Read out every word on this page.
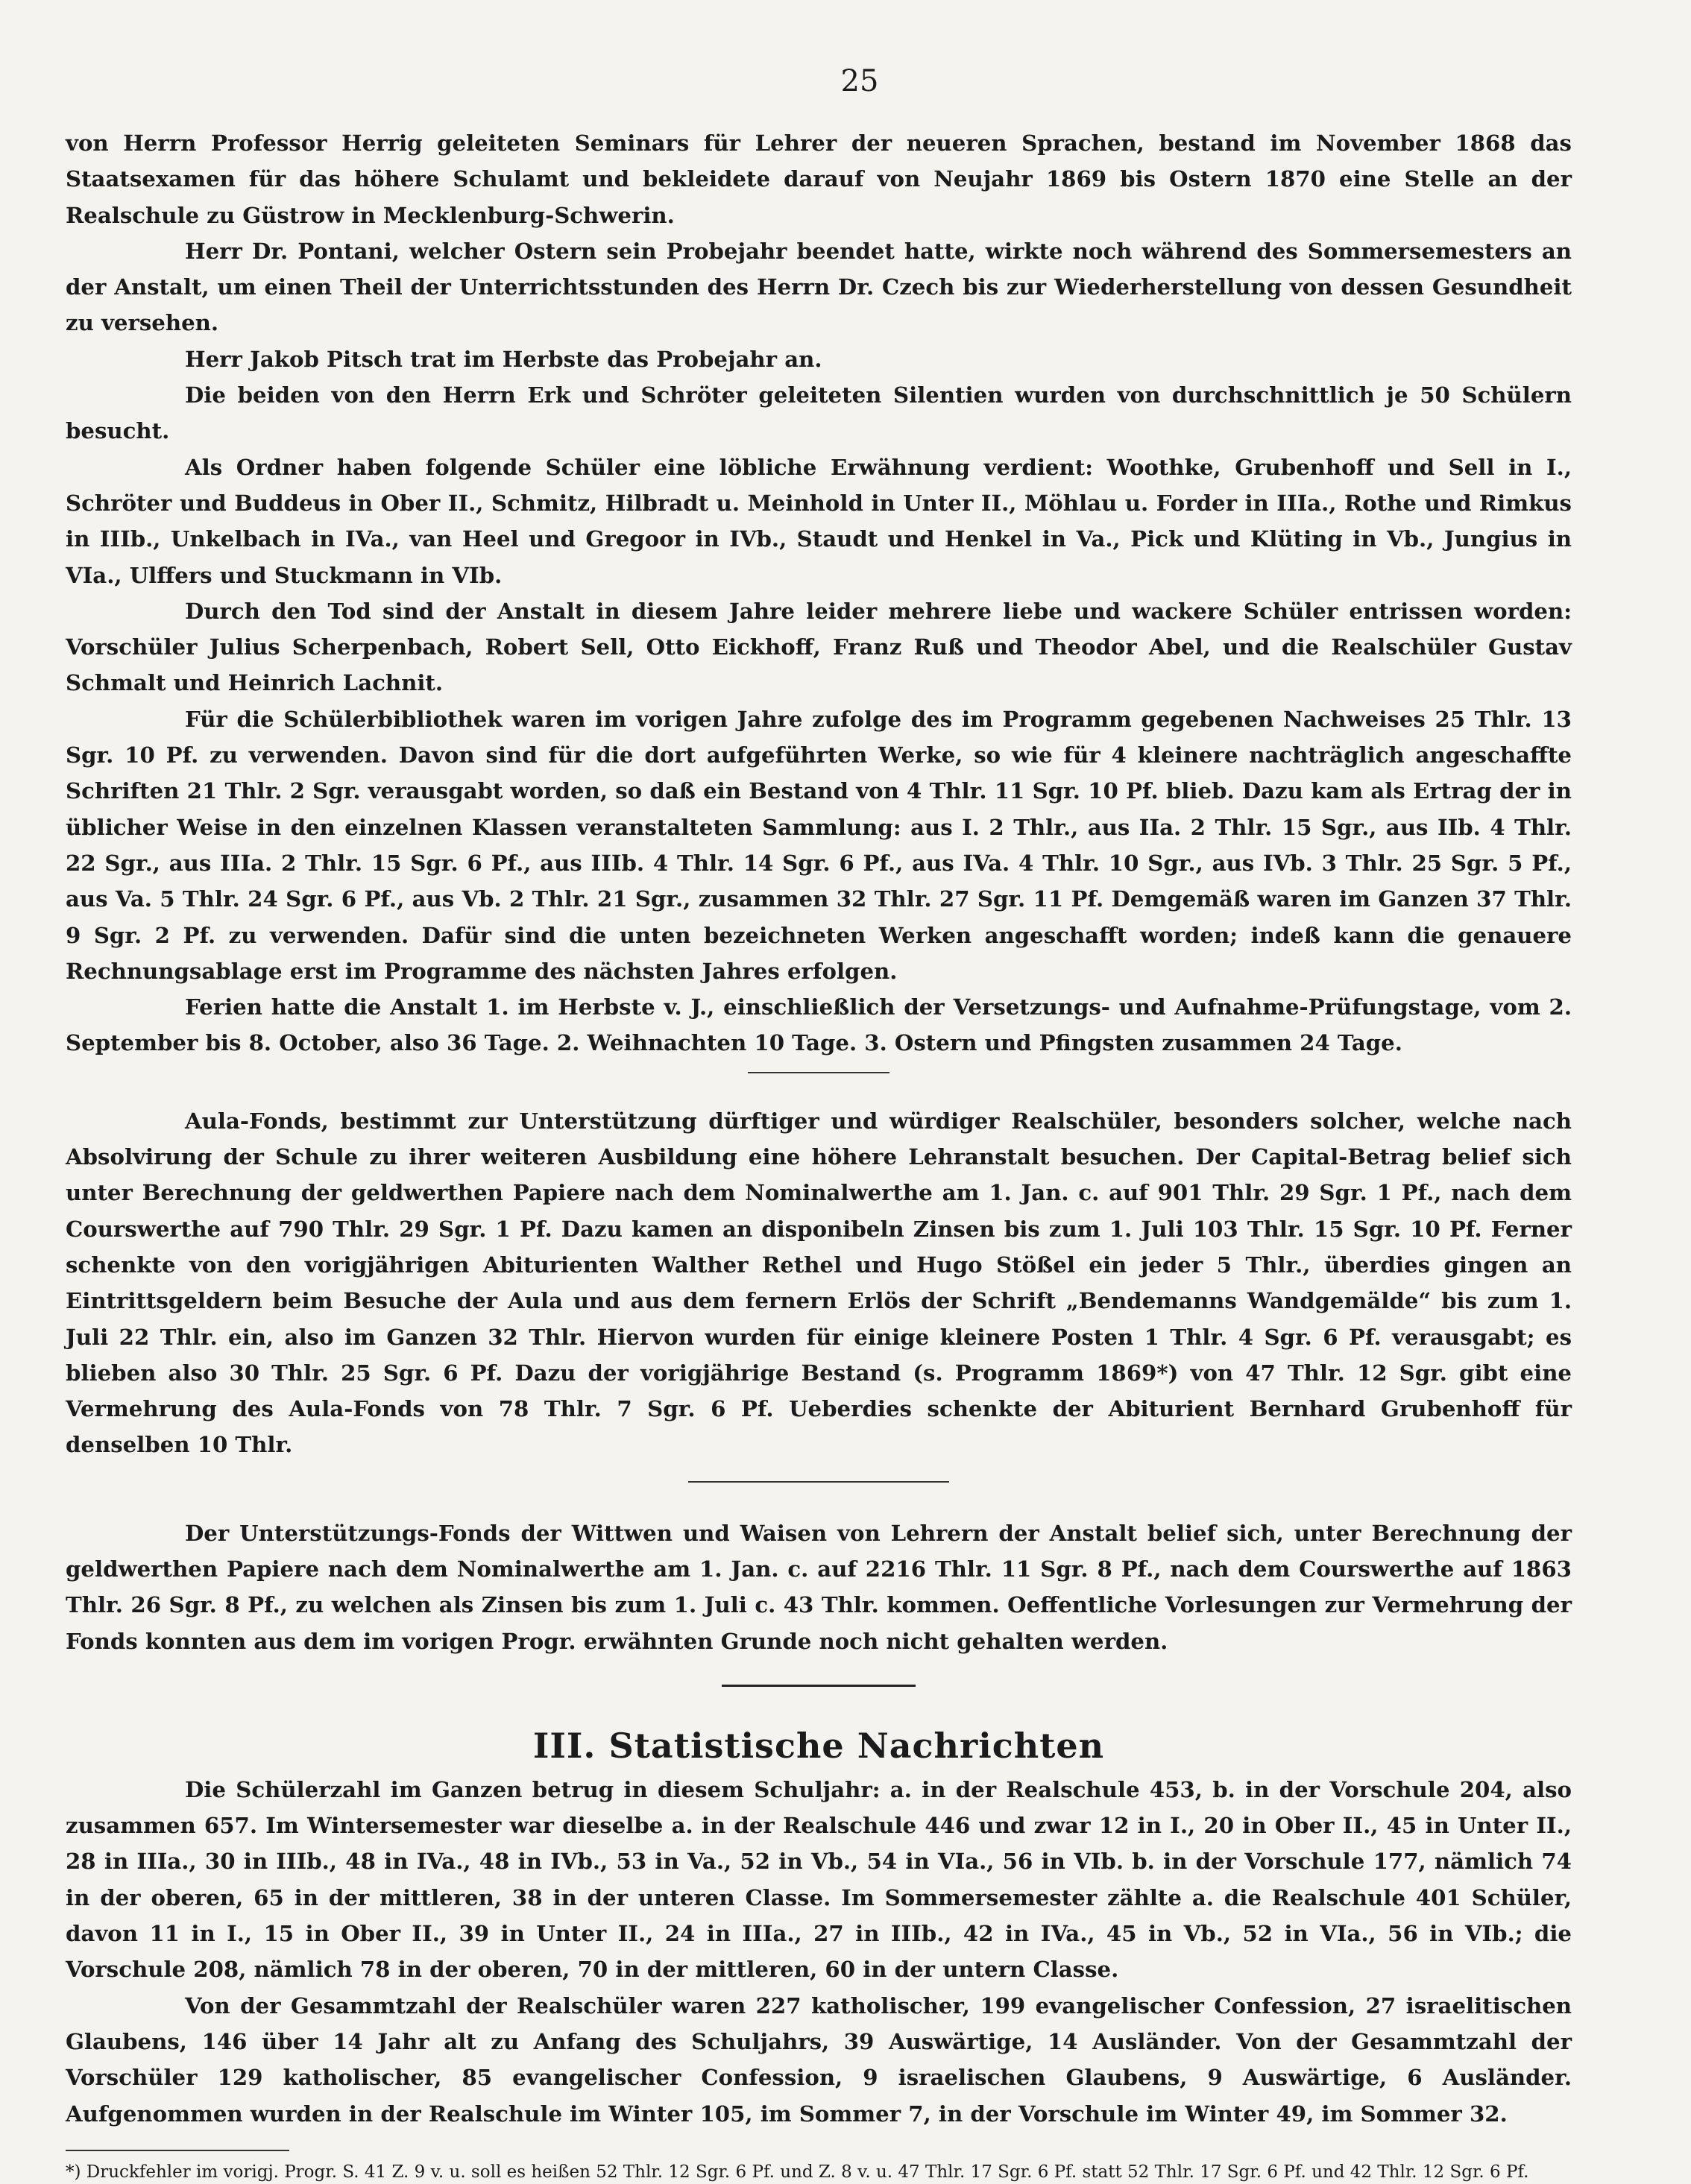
25

von Herrn Professor Herrig geleiteten Seminars für Lehrer der neueren Sprachen, bestand im November 1868 das Staatsexamen für das höhere Schulamt und bekleidete darauf von Neujahr 1869 bis Ostern 1870 eine Stelle an der Realschule zu Güstrow in Mecklenburg-Schwerin.

Herr Dr. Pontani, welcher Ostern sein Probejahr beendet hatte, wirkte noch während des Sommersemesters an der Anstalt, um einen Theil der Unterrichtsstunden des Herrn Dr. Czech bis zur Wiederherstellung von dessen Gesundheit zu versehen.

Herr Jakob Pitsch trat im Herbste das Probejahr an.

Die beiden von den Herrn Erk und Schröter geleiteten Silentien wurden von durchschnittlich je 50 Schülern besucht.

Als Ordner haben folgende Schüler eine löbliche Erwähnung verdient: Woothke, Grubenhoff und Sell in I., Schröter und Buddeus in Ober II., Schmitz, Hilbradt u. Meinhold in Unter II., Möhlau u. Forder in IIIa., Rothe und Rimkus in IIIb., Unkelbach in IVa., van Heel und Gregoor in IVb., Staudt und Henkel in Va., Pick und Klüting in Vb., Jungius in VIa., Ulffers und Stuckmann in VIb.

Durch den Tod sind der Anstalt in diesem Jahre leider mehrere liebe und wackere Schüler entrissen worden: Vorschüler Julius Scherpenbach, Robert Sell, Otto Eickhoff, Franz Ruß und Theodor Abel, und die Realschüler Gustav Schmalt und Heinrich Lachnit.

Für die Schülerbibliothek waren im vorigen Jahre zufolge des im Programm gegebenen Nachweises 25 Thlr. 13 Sgr. 10 Pf. zu verwenden. Davon sind für die dort aufgeführten Werke, so wie für 4 kleinere nachträglich angeschaffte Schriften 21 Thlr. 2 Sgr. verausgabt worden, so daß ein Bestand von 4 Thlr. 11 Sgr. 10 Pf. blieb. Dazu kam als Ertrag der in üblicher Weise in den einzelnen Klassen veranstalteten Sammlung: aus I. 2 Thlr., aus IIa. 2 Thlr. 15 Sgr., aus IIb. 4 Thlr. 22 Sgr., aus IIIa. 2 Thlr. 15 Sgr. 6 Pf., aus IIIb. 4 Thlr. 14 Sgr. 6 Pf., aus IVa. 4 Thlr. 10 Sgr., aus IVb. 3 Thlr. 25 Sgr. 5 Pf., aus Va. 5 Thlr. 24 Sgr. 6 Pf., aus Vb. 2 Thlr. 21 Sgr., zusammen 32 Thlr. 27 Sgr. 11 Pf. Demgemäß waren im Ganzen 37 Thlr. 9 Sgr. 2 Pf. zu verwenden. Dafür sind die unten bezeichneten Werken angeschafft worden; indeß kann die genauere Rechnungsablage erst im Programme des nächsten Jahres erfolgen.

Ferien hatte die Anstalt 1. im Herbste v. J., einschließlich der Versetzungs- und Aufnahme-Prüfungstage, vom 2. September bis 8. October, also 36 Tage. 2. Weihnachten 10 Tage. 3. Ostern und Pfingsten zusammen 24 Tage.

Aula-Fonds, bestimmt zur Unterstützung dürftiger und würdiger Realschüler, besonders solcher, welche nach Absolvirung der Schule zu ihrer weiteren Ausbildung eine höhere Lehranstalt besuchen. Der Capital-Betrag belief sich unter Berechnung der geldwerthen Papiere nach dem Nominalwerthe am 1. Jan. c. auf 901 Thlr. 29 Sgr. 1 Pf., nach dem Courswerthe auf 790 Thlr. 29 Sgr. 1 Pf. Dazu kamen an disponibeln Zinsen bis zum 1. Juli 103 Thlr. 15 Sgr. 10 Pf. Ferner schenkte von den vorigjährigen Abiturienten Walther Rethel und Hugo Stößel ein jeder 5 Thlr., überdies gingen an Eintrittsgeldern beim Besuche der Aula und aus dem fernern Erlös der Schrift „Bendemanns Wandgemälde“ bis zum 1. Juli 22 Thlr. ein, also im Ganzen 32 Thlr. Hiervon wurden für einige kleinere Posten 1 Thlr. 4 Sgr. 6 Pf. verausgabt; es blieben also 30 Thlr. 25 Sgr. 6 Pf. Dazu der vorigjährige Bestand (s. Programm 1869*) von 47 Thlr. 12 Sgr. gibt eine Vermehrung des Aula-Fonds von 78 Thlr. 7 Sgr. 6 Pf. Ueberdies schenkte der Abiturient Bernhard Grubenhoff für denselben 10 Thlr.

Der Unterstützungs-Fonds der Wittwen und Waisen von Lehrern der Anstalt belief sich, unter Berechnung der geldwerthen Papiere nach dem Nominalwerthe am 1. Jan. c. auf 2216 Thlr. 11 Sgr. 8 Pf., nach dem Courswerthe auf 1863 Thlr. 26 Sgr. 8 Pf., zu welchen als Zinsen bis zum 1. Juli c. 43 Thlr. kommen. Oeffentliche Vorlesungen zur Vermehrung der Fonds konnten aus dem im vorigen Progr. erwähnten Grunde noch nicht gehalten werden.

III. Statistische Nachrichten

Die Schülerzahl im Ganzen betrug in diesem Schuljahr: a. in der Realschule 453, b. in der Vorschule 204, also zusammen 657. Im Wintersemester war dieselbe a. in der Realschule 446 und zwar 12 in I., 20 in Ober II., 45 in Unter II., 28 in IIIa., 30 in IIIb., 48 in IVa., 48 in IVb., 53 in Va., 52 in Vb., 54 in VIa., 56 in VIb. b. in der Vorschule 177, nämlich 74 in der oberen, 65 in der mittleren, 38 in der unteren Classe. Im Sommersemester zählte a. die Realschule 401 Schüler, davon 11 in I., 15 in Ober II., 39 in Unter II., 24 in IIIa., 27 in IIIb., 42 in IVa., 45 in Vb., 52 in VIa., 56 in VIb.; die Vorschule 208, nämlich 78 in der oberen, 70 in der mittleren, 60 in der untern Classe.

Von der Gesammtzahl der Realschüler waren 227 katholischer, 199 evangelischer Confession, 27 israelitischen Glaubens, 146 über 14 Jahr alt zu Anfang des Schuljahrs, 39 Auswärtige, 14 Ausländer. Von der Gesammtzahl der Vorschüler 129 katholischer, 85 evangelischer Confession, 9 israelischen Glaubens, 9 Auswärtige, 6 Ausländer. Aufgenommen wurden in der Realschule im Winter 105, im Sommer 7, in der Vorschule im Winter 49, im Sommer 32.

*) Druckfehler im vorigj. Progr. S. 41 Z. 9 v. u. soll es heißen 52 Thlr. 12 Sgr. 6 Pf. und Z. 8 v. u. 47 Thlr. 17 Sgr. 6 Pf. statt 52 Thlr. 17 Sgr. 6 Pf. und 42 Thlr. 12 Sgr. 6 Pf.
